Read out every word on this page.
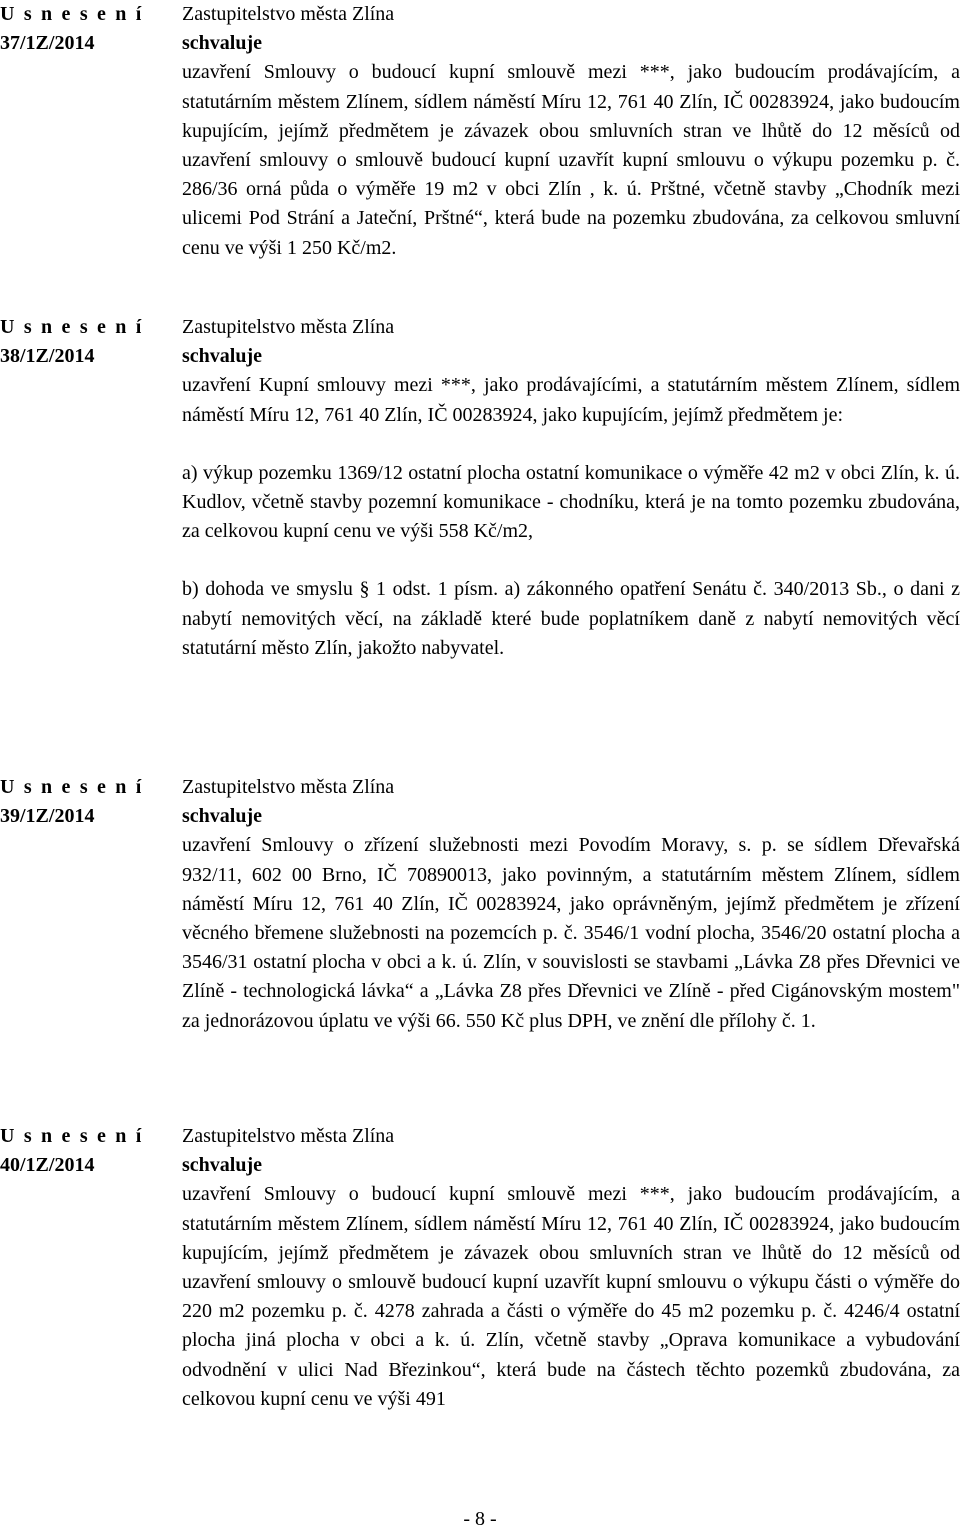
U s n e s e n í
37/1Z/2014
Zastupitelstvo města Zlína
schvaluje

uzavření Smlouvy o budoucí kupní smlouvě mezi ***, jako budoucím prodávajícím, a statutárním městem Zlínem, sídlem náměstí Míru 12, 761 40 Zlín, IČ 00283924, jako budoucím kupujícím, jejímž předmětem je závazek obou smluvních stran ve lhůtě do 12 měsíců od uzavření smlouvy o smlouvě budoucí kupní uzavřít kupní smlouvu o výkupu pozemku p. č. 286/36 orná půda o výměře 19 m2 v obci Zlín , k. ú. Prštné, včetně stavby „Chodník mezi ulicemi Pod Strání a Jateční, Prštné“, která bude na pozemku zbudována, za celkovou smluvní cenu ve výši 1 250 Kč/m2.

U s n e s e n í
38/1Z/2014
Zastupitelstvo města Zlína
schvaluje

uzavření Kupní smlouvy mezi ***, jako prodávajícími, a statutárním městem Zlínem, sídlem náměstí Míru 12, 761 40 Zlín, IČ 00283924, jako kupujícím, jejímž předmětem je:

a) výkup pozemku 1369/12 ostatní plocha ostatní komunikace o výměře 42 m2 v obci Zlín, k. ú. Kudlov, včetně stavby pozemní komunikace - chodníku, která je na tomto pozemku zbudována, za celkovou kupní cenu ve výši 558 Kč/m2,

b) dohoda ve smyslu § 1 odst. 1 písm. a) zákonného opatření Senátu č. 340/2013 Sb., o dani z nabytí nemovitých věcí, na základě které bude poplatníkem daně z nabytí nemovitých věcí statutární město Zlín, jakožto nabyvatel.

U s n e s e n í
39/1Z/2014
Zastupitelstvo města Zlína
schvaluje

uzavření Smlouvy o zřízení služebnosti mezi Povodím Moravy, s. p. se sídlem Dřevařská 932/11, 602 00 Brno, IČ 70890013, jako povinným, a statutárním městem Zlínem, sídlem náměstí Míru 12, 761 40 Zlín, IČ 00283924, jako oprávněným, jejímž předmětem je zřízení věcného břemene služebnosti na pozemcích p. č. 3546/1 vodní plocha, 3546/20 ostatní plocha a 3546/31 ostatní plocha v obci a k. ú. Zlín, v souvislosti se stavbami „Lávka Z8 přes Dřevnici ve Zlíně - technologická lávka“ a „Lávka Z8 přes Dřevnici ve Zlíně - před Cigánovským mostem" za jednorázovou úplatu ve výši 66. 550 Kč plus DPH, ve znění dle přílohy č. 1.

U s n e s e n í
40/1Z/2014
Zastupitelstvo města Zlína
schvaluje

uzavření Smlouvy o budoucí kupní smlouvě mezi ***, jako budoucím prodávajícím, a statutárním městem Zlínem, sídlem náměstí Míru 12, 761 40 Zlín, IČ 00283924, jako budoucím kupujícím, jejímž předmětem je závazek obou smluvních stran ve lhůtě do 12 měsíců od uzavření smlouvy o smlouvě budoucí kupní uzavřít kupní smlouvu o výkupu části o výměře do 220 m2 pozemku p. č. 4278 zahrada a části o výměře do 45 m2 pozemku p. č. 4246/4 ostatní plocha jiná plocha v obci a k. ú. Zlín, včetně stavby „Oprava komunikace a vybudování odvodnění v ulici Nad Březinkou“, která bude na částech těchto pozemků zbudována, za celkovou kupní cenu ve výši 491

- 8 -
